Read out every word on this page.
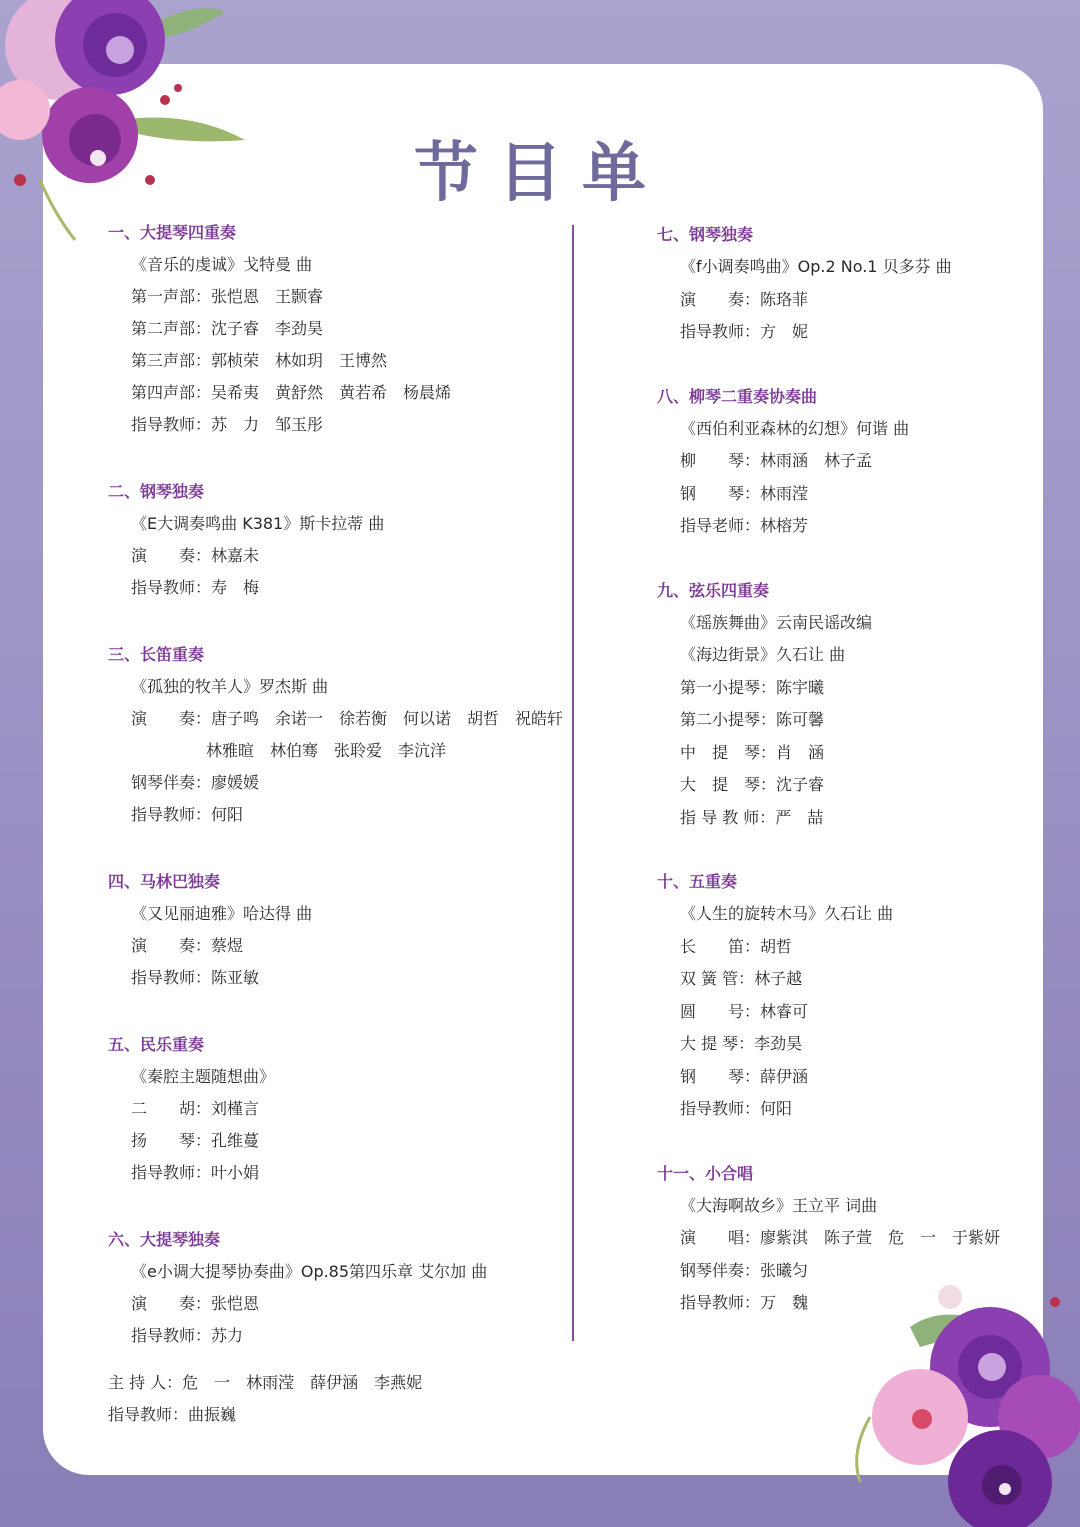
节目单
一、大提琴四重奏
《音乐的虔诚》戈特曼 曲
第一声部：张恺恩　王颢睿
第二声部：沈子睿　李劲昊
第三声部：郭桢荣　林如玥　王博然
第四声部：吴希夷　黄舒然　黄若希　杨晨烯
指导教师：苏　力　邹玉彤
二、钢琴独奏
《E大调奏鸣曲 K381》斯卡拉蒂 曲
演　　奏：林嘉未
指导教师：寿　梅
三、长笛重奏
《孤独的牧羊人》罗杰斯 曲
演　　奏：唐子鸣　余诺一　徐若衡　何以诺　胡哲　祝皓轩
林雅暄　林伯骞　张聆爱　李沆洋
钢琴伴奏：廖媛媛
指导教师：何阳
四、马林巴独奏
《又见丽迪雅》哈达得 曲
演　　奏：蔡煜
指导教师：陈亚敏
五、民乐重奏
《秦腔主题随想曲》
二　　胡：刘槿言
扬　　琴：孔维蔓
指导教师：叶小娟
六、大提琴独奏
《e小调大提琴协奏曲》Op.85第四乐章 艾尔加 曲
演　　奏：张恺恩
指导教师：苏力
七、钢琴独奏
《f小调奏鸣曲》Op.2 No.1 贝多芬 曲
演　　奏：陈珞菲
指导教师：方　妮
八、柳琴二重奏协奏曲
《西伯利亚森林的幻想》何谐 曲
柳　　琴：林雨涵　林子孟
钢　　琴：林雨滢
指导老师：林榕芳
九、弦乐四重奏
《瑶族舞曲》云南民谣改编
《海边街景》久石让 曲
第一小提琴：陈宇曦
第二小提琴：陈可馨
中　提　琴：肖　涵
大　提　琴：沈子睿
指 导 教 师：严　喆
十、五重奏
《人生的旋转木马》久石让 曲
长　　笛：胡哲
双 簧 管：林子越
圆　　号：林睿可
大 提 琴：李劲昊
钢　　琴：薛伊涵
指导教师：何阳
十一、小合唱
《大海啊故乡》王立平 词曲
演　　唱：廖紫淇　陈子萱　危　一　于紫妍
钢琴伴奏：张曦匀
指导教师：万　魏
主 持 人：危　一　林雨滢　薛伊涵　李燕妮
指导教师：曲振巍
